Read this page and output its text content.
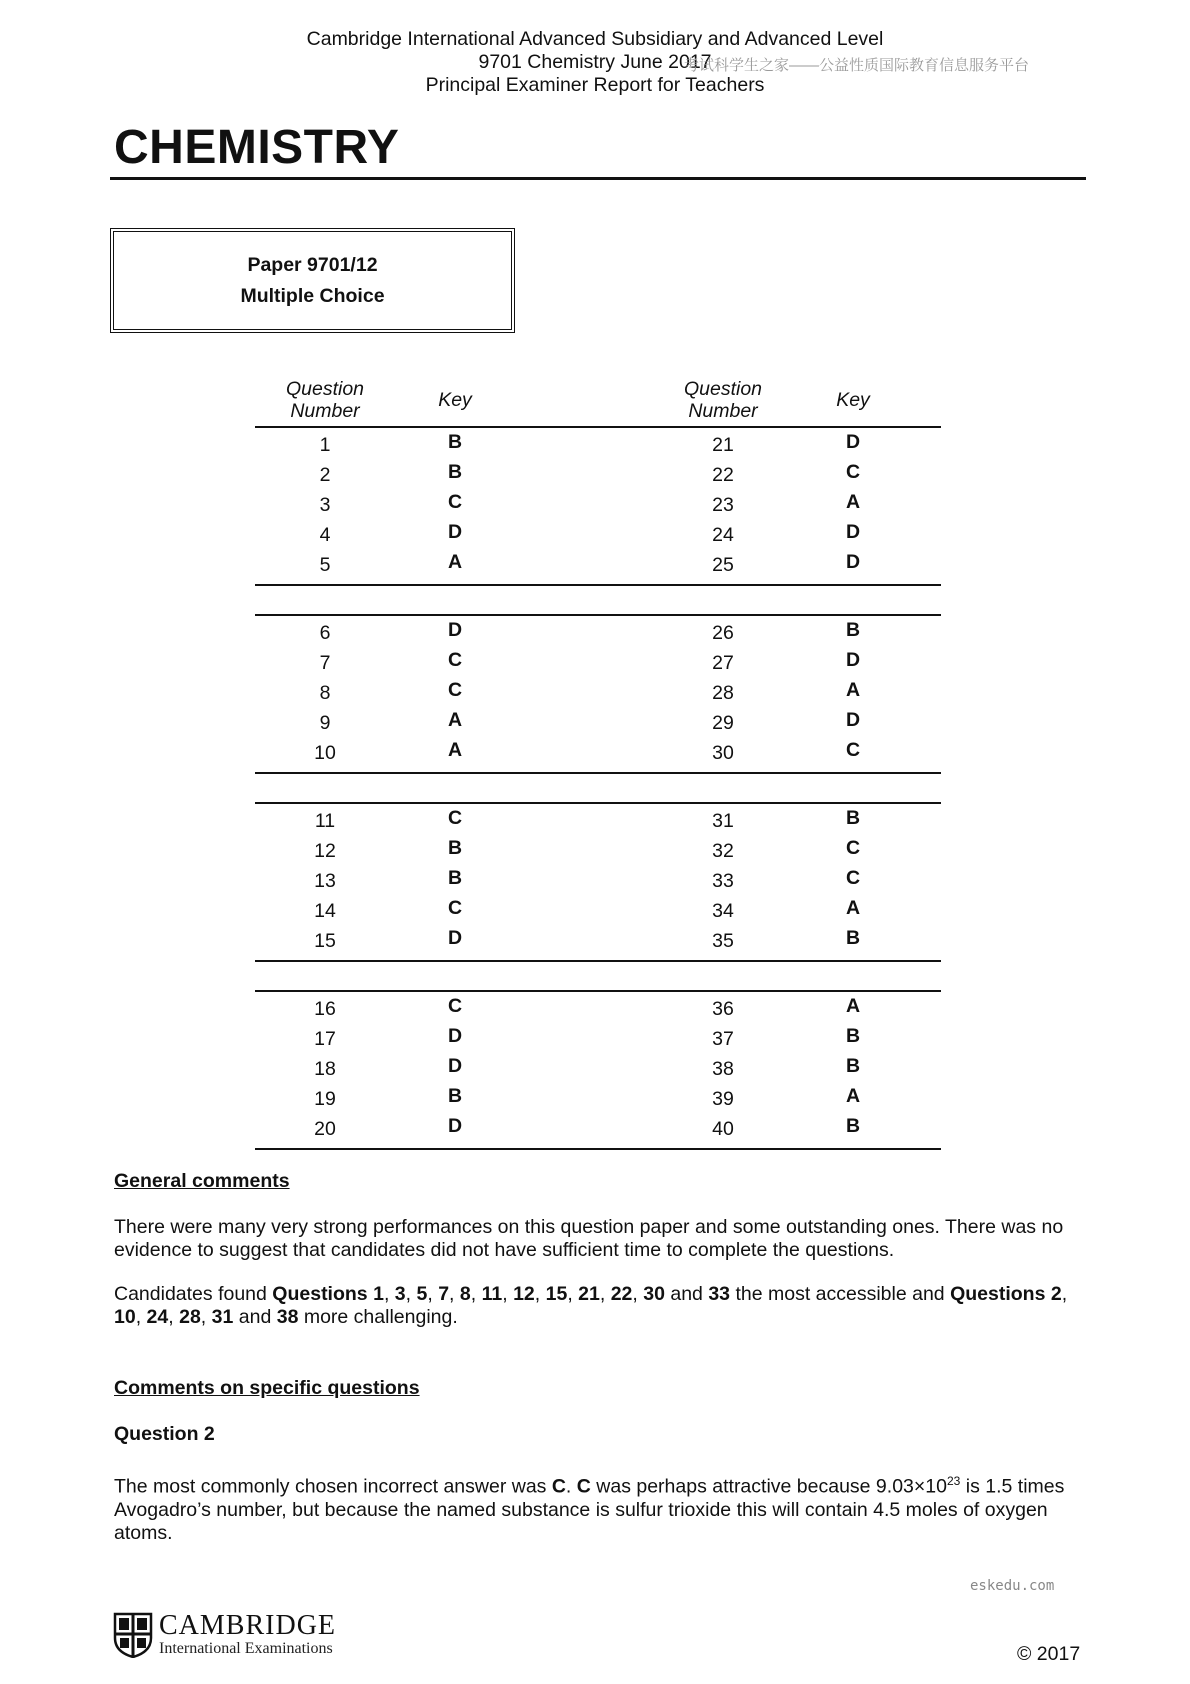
Cambridge International Advanced Subsidiary and Advanced Level
9701 Chemistry June 2017
Principal Examiner Report for Teachers
考试科学生之家——公益性质国际教育信息服务平台
CHEMISTRY
Paper 9701/12
Multiple Choice
Question
Number	Key	Question
Number	Key
1	B	21	D
2	B	22	C
3	C	23	A
4	D	24	D
5	A	25	D
6	D	26	B
7	C	27	D
8	C	28	A
9	A	29	D
10	A	30	C
11	C	31	B
12	B	32	C
13	B	33	C
14	C	34	A
15	D	35	B
16	C	36	A
17	D	37	B
18	D	38	B
19	B	39	A
20	D	40	B
General comments
There were many very strong performances on this question paper and some outstanding ones. There was no evidence to suggest that candidates did not have sufficient time to complete the questions.
Candidates found Questions 1, 3, 5, 7, 8, 11, 12, 15, 21, 22, 30 and 33 the most accessible and Questions 2, 10, 24, 28, 31 and 38 more challenging.
Comments on specific questions
Question 2
The most commonly chosen incorrect answer was C. C was perhaps attractive because $9.03\times 10^{23}$ is 1.5 times Avogadro’s number, but because the named substance is sulfur trioxide this will contain 4.5 moles of oxygen atoms.
eskedu.com
CAMBRIDGE
International Examinations	© 2017
